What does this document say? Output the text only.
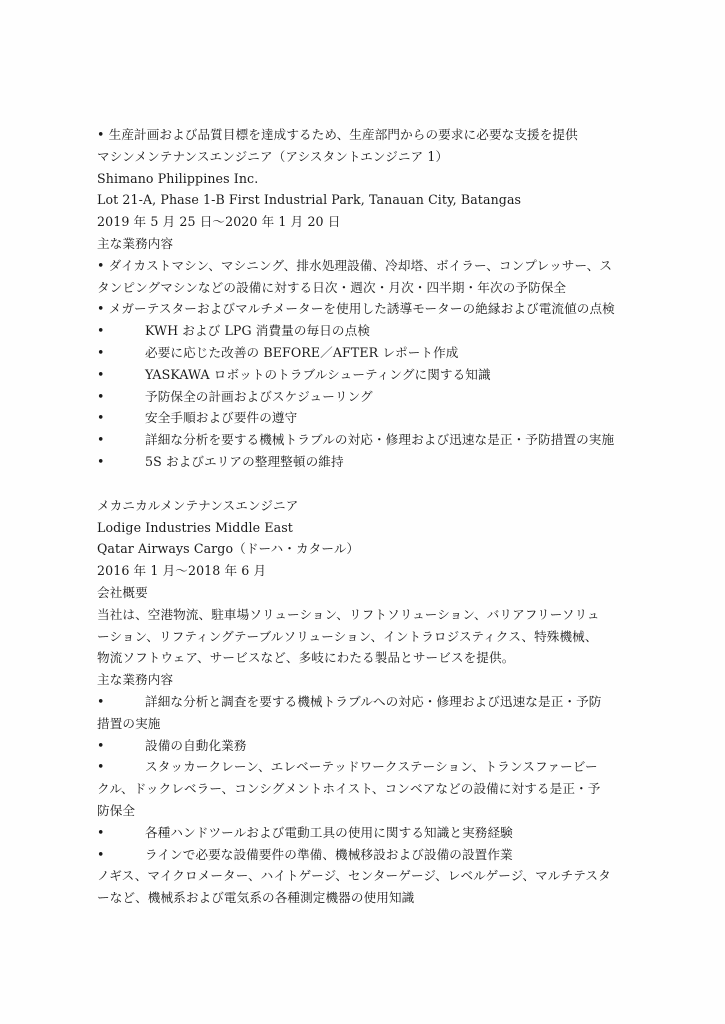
• 生産計画および品質目標を達成するため、生産部門からの要求に必要な支援を提供
マシンメンテナンスエンジニア（アシスタントエンジニア 1）
Shimano Philippines Inc.
Lot 21-A, Phase 1-B First Industrial Park, Tanauan City, Batangas
2019 年 5 月 25 日〜2020 年 1 月 20 日
主な業務内容
• ダイカストマシン、マシニング、排水処理設備、冷却塔、ボイラー、コンプレッサー、ス
タンピングマシンなどの設備に対する日次・週次・月次・四半期・年次の予防保全
• メガーテスターおよびマルチメーターを使用した誘導モーターの絶縁および電流値の点検
•	KWH および LPG 消費量の毎日の点検
•	必要に応じた改善の BEFORE／AFTER レポート作成
•	YASKAWA ロボットのトラブルシューティングに関する知識
•	予防保全の計画およびスケジューリング
•	安全手順および要件の遵守
•	詳細な分析を要する機械トラブルの対応・修理および迅速な是正・予防措置の実施
•	5S およびエリアの整理整頓の維持
メカニカルメンテナンスエンジニア
Lodige Industries Middle East
Qatar Airways Cargo（ドーハ・カタール）
2016 年 1 月〜2018 年 6 月
会社概要
当社は、空港物流、駐車場ソリューション、リフトソリューション、バリアフリーソリュ
ーション、リフティングテーブルソリューション、イントラロジスティクス、特殊機械、
物流ソフトウェア、サービスなど、多岐にわたる製品とサービスを提供。
主な業務内容
•	詳細な分析と調査を要する機械トラブルへの対応・修理および迅速な是正・予防
措置の実施
•	設備の自動化業務
•	スタッカークレーン、エレベーテッドワークステーション、トランスファービー
クル、ドックレベラー、コンシグメントホイスト、コンベアなどの設備に対する是正・予
防保全
•	各種ハンドツールおよび電動工具の使用に関する知識と実務経験
•	ラインで必要な設備要件の準備、機械移設および設備の設置作業
ノギス、マイクロメーター、ハイトゲージ、センターゲージ、レベルゲージ、マルチテスタ
ーなど、機械系および電気系の各種測定機器の使用知識
